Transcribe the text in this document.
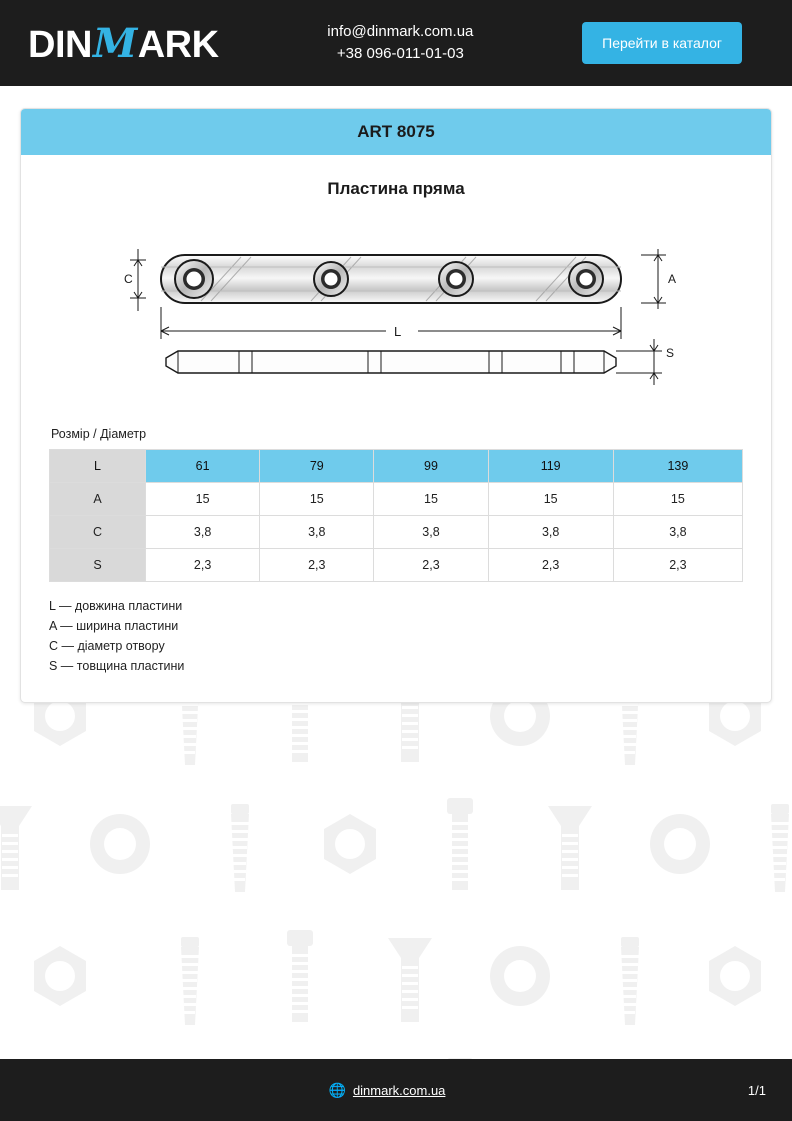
DIN M ARK	info@dinmark.com.ua
+38 096-011-01-03
Перейти в каталог
ART 8075
Пластина пряма
C	A
L
S
Розмір / Діаметр
L	61	79	99	119	139
A	15	15	15	15	15
C	3,8	3,8	3,8	3,8	3,8
S	2,3	2,3	2,3	2,3	2,3
L — довжина пластини
A — ширина пластини
C — діаметр отвору
S — товщина пластини
🌐 dinmark.com.ua	1/1
